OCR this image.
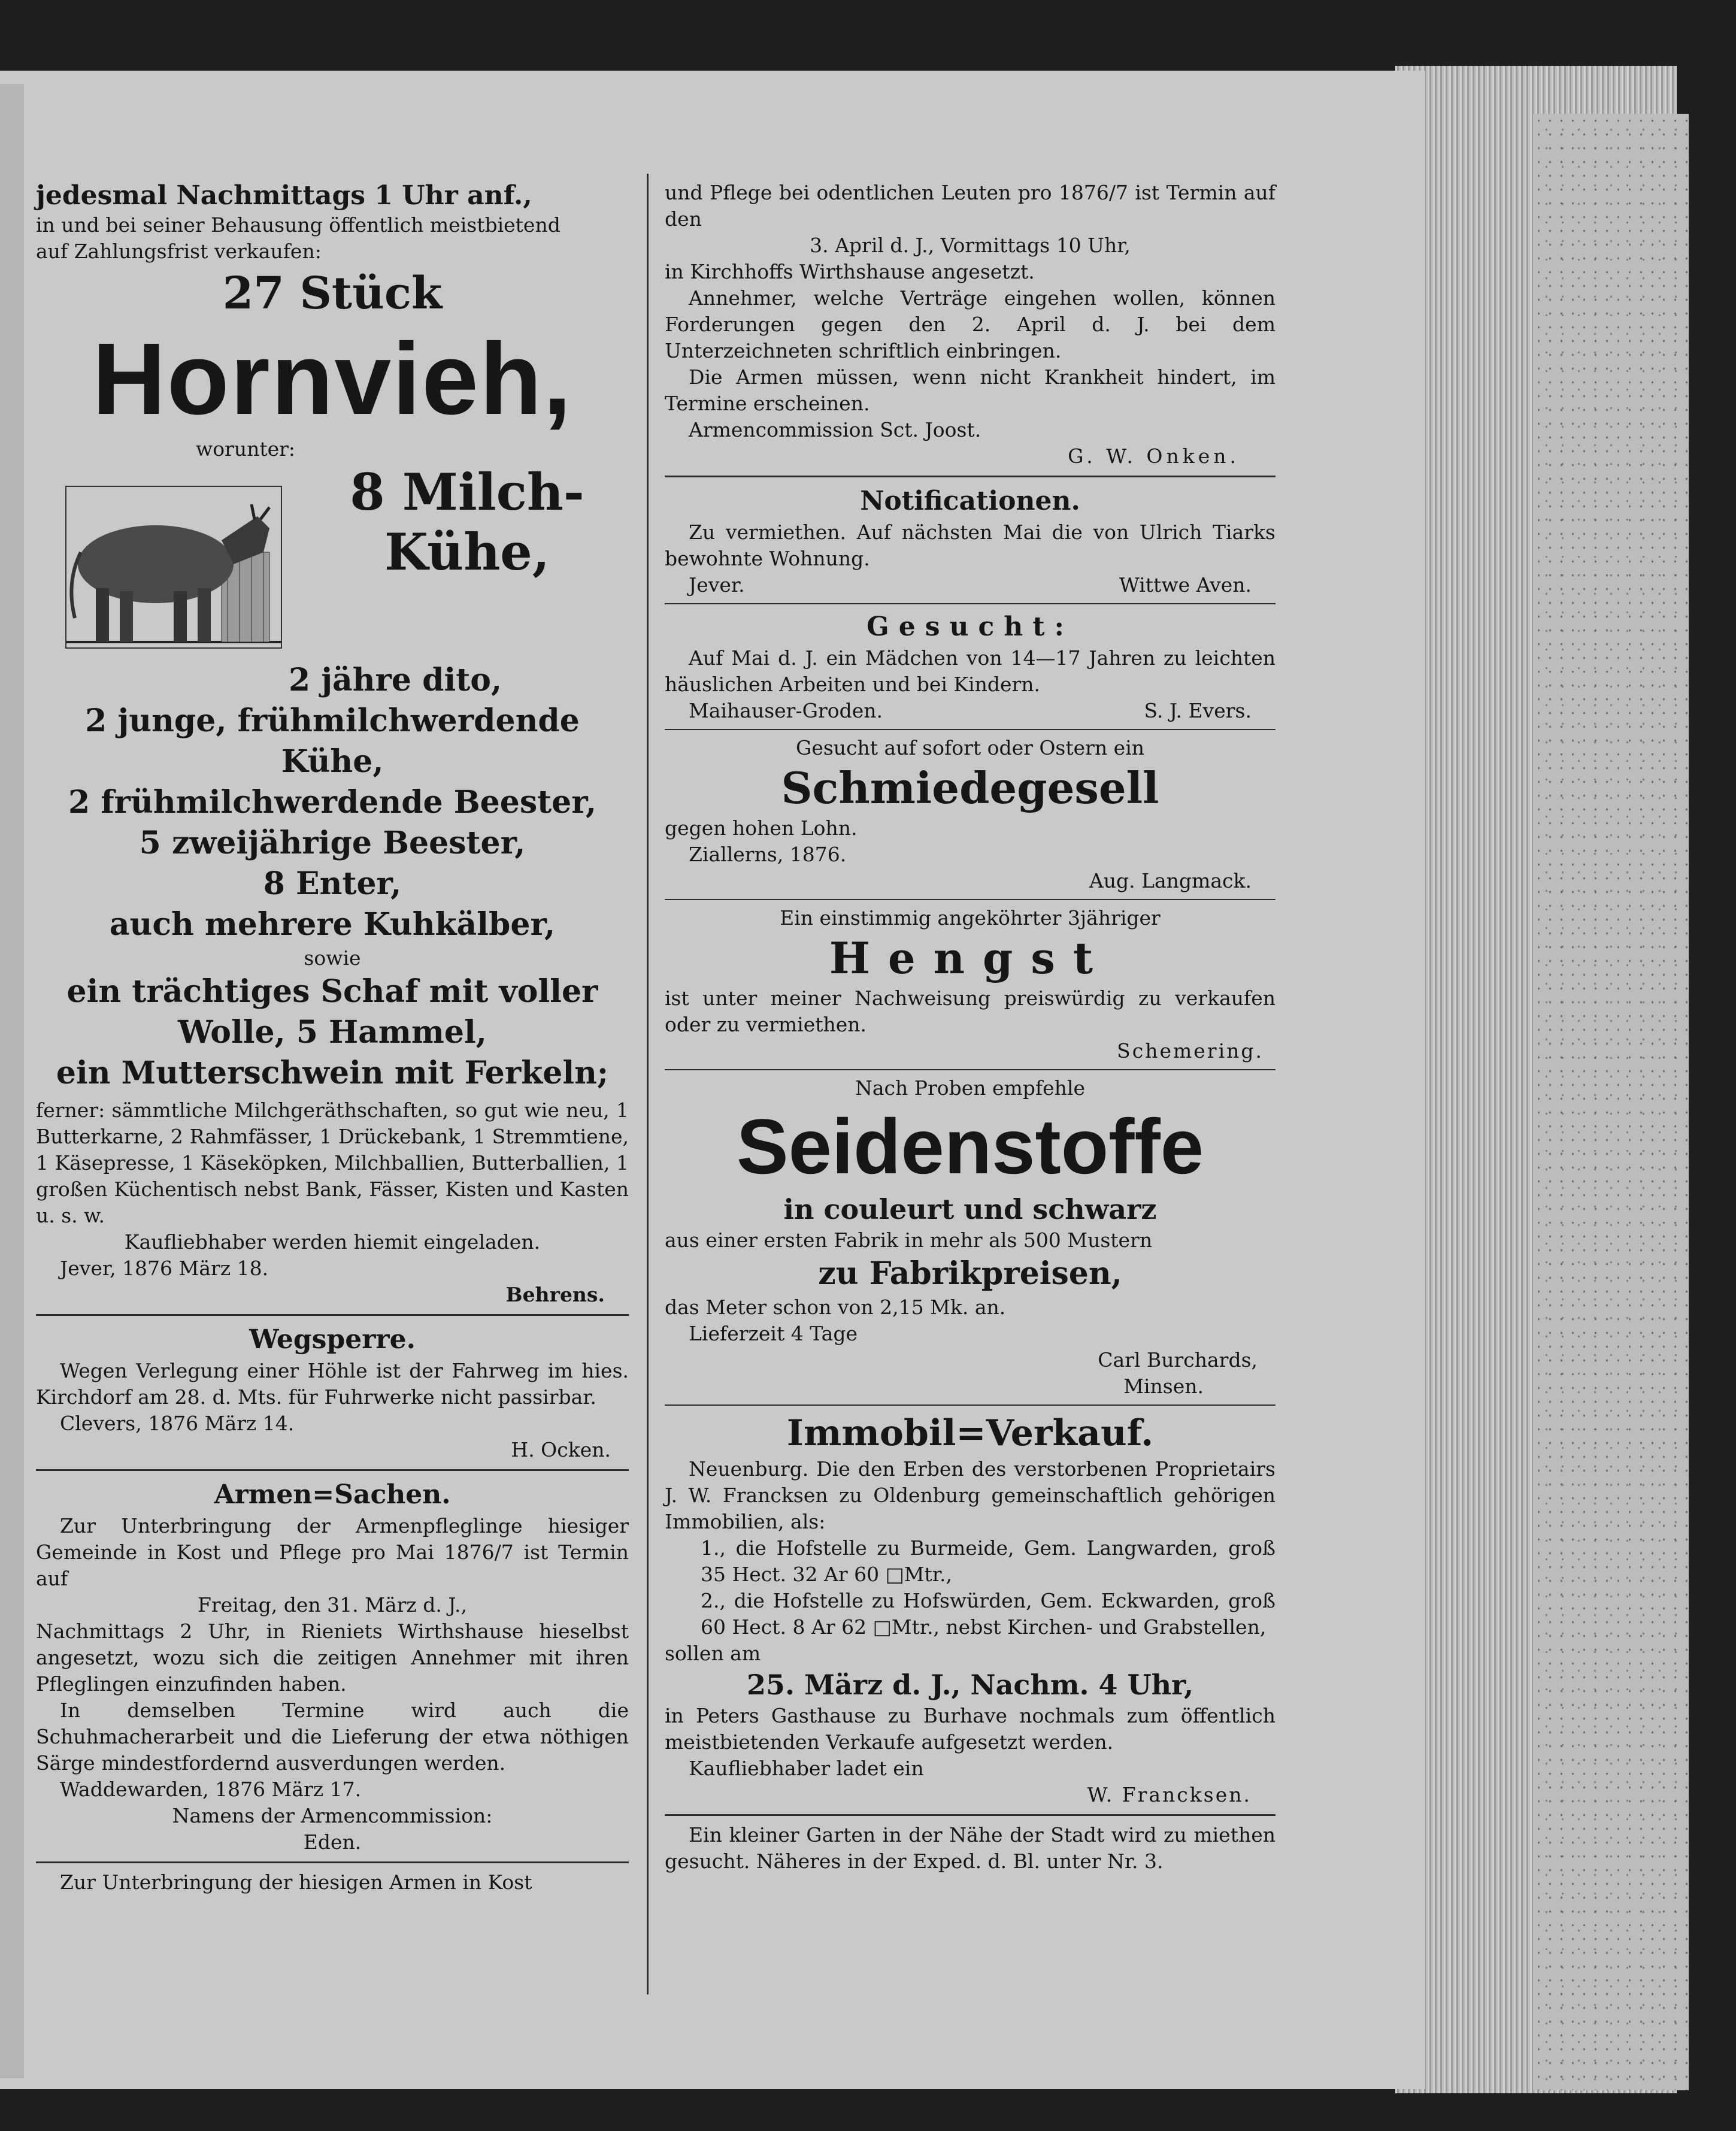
jedesmal Nachmittags 1 Uhr anf.,

in und bei seiner Behausung öffentlich meistbietend

auf Zahlungsfrist verkaufen:

27 Stück

Hornvieh,

worunter:

8 Milch-

Kühe,

2 jähre dito,

2 junge, frühmilchwerdende Kühe,

2 frühmilchwerdende Beester,

5 zweijährige Beester,

8 Enter,

auch mehrere Kuhkälber,

sowie

ein trächtiges Schaf mit voller

Wolle, 5 Hammel,

ein Mutterschwein mit Ferkeln;

ferner: sämmtliche Milchgeräthschaften, so gut wie neu, 1 Butterkarne, 2 Rahmfässer, 1 Drückebank, 1 Stremmtiene, 1 Käsepresse, 1 Käseköpken, Milchballien, Butterballien, 1 großen Küchentisch nebst Bank, Fässer, Kisten und Kasten u. s. w.

Kaufliebhaber werden hiemit eingeladen.

Jever, 1876 März 18.

Behrens.

Wegsperre.

Wegen Verlegung einer Höhle ist der Fahrweg im hies. Kirchdorf am 28. d. Mts. für Fuhrwerke nicht passirbar.

Clevers, 1876 März 14.

H. Ocken.

Armen=Sachen.

Zur Unterbringung der Armenpfleglinge hiesiger Gemeinde in Kost und Pflege pro Mai 1876/7 ist Termin auf

Freitag, den 31. März d. J.,

Nachmittags 2 Uhr, in Rieniets Wirthshause hieselbst angesetzt, wozu sich die zeitigen Annehmer mit ihren Pfleglingen einzufinden haben.

In demselben Termine wird auch die Schuhmacherarbeit und die Lieferung der etwa nöthigen Särge mindestfordernd ausverdungen werden.

Waddewarden, 1876 März 17.

Namens der Armencommission:

Eden.

Zur Unterbringung der hiesigen Armen in Kost

und Pflege bei odentlichen Leuten pro 1876/7 ist Termin auf den

3. April d. J., Vormittags 10 Uhr,

in Kirchhoffs Wirthshause angesetzt.

Annehmer, welche Verträge eingehen wollen, können Forderungen gegen den 2. April d. J. bei dem Unterzeichneten schriftlich einbringen.

Die Armen müssen, wenn nicht Krankheit hindert, im Termine erscheinen.

Armencommission Sct. Joost.

G. W. Onken.

Notificationen.

Zu vermiethen. Auf nächsten Mai die von Ulrich Tiarks bewohnte Wohnung.

Jever.	Wittwe Aven.

Gesucht:

Auf Mai d. J. ein Mädchen von 14—17 Jahren zu leichten häuslichen Arbeiten und bei Kindern.

Maihauser-Groden.	S. J. Evers.

Gesucht auf sofort oder Ostern ein

Schmiedegesell

gegen hohen Lohn.

Ziallerns, 1876.

Aug. Langmack.

Ein einstimmig angeköhrter 3jähriger

Hengst

ist unter meiner Nachweisung preiswürdig zu verkaufen oder zu vermiethen.

Schemering.

Nach Proben empfehle

Seidenstoffe

in couleurt und schwarz

aus einer ersten Fabrik in mehr als 500 Mustern

zu Fabrikpreisen,

das Meter schon von 2,15 Mk. an.

Lieferzeit 4 Tage

Carl Burchards,

Minsen.

Immobil=Verkauf.

Neuenburg. Die den Erben des verstorbenen Proprietairs J. W. Francksen zu Oldenburg gemeinschaftlich gehörigen Immobilien, als:

1., die Hofstelle zu Burmeide, Gem. Langwarden, groß 35 Hect. 32 Ar 60 □Mtr.,

2., die Hofstelle zu Hofswürden, Gem. Eckwarden, groß 60 Hect. 8 Ar 62 □Mtr., nebst Kirchen- und Grabstellen,

sollen am

25. März d. J., Nachm. 4 Uhr,

in Peters Gasthause zu Burhave nochmals zum öffentlich meistbietenden Verkaufe aufgesetzt werden.

Kaufliebhaber ladet ein

W. Francksen.

Ein kleiner Garten in der Nähe der Stadt wird zu miethen gesucht. Näheres in der Exped. d. Bl. unter Nr. 3.
